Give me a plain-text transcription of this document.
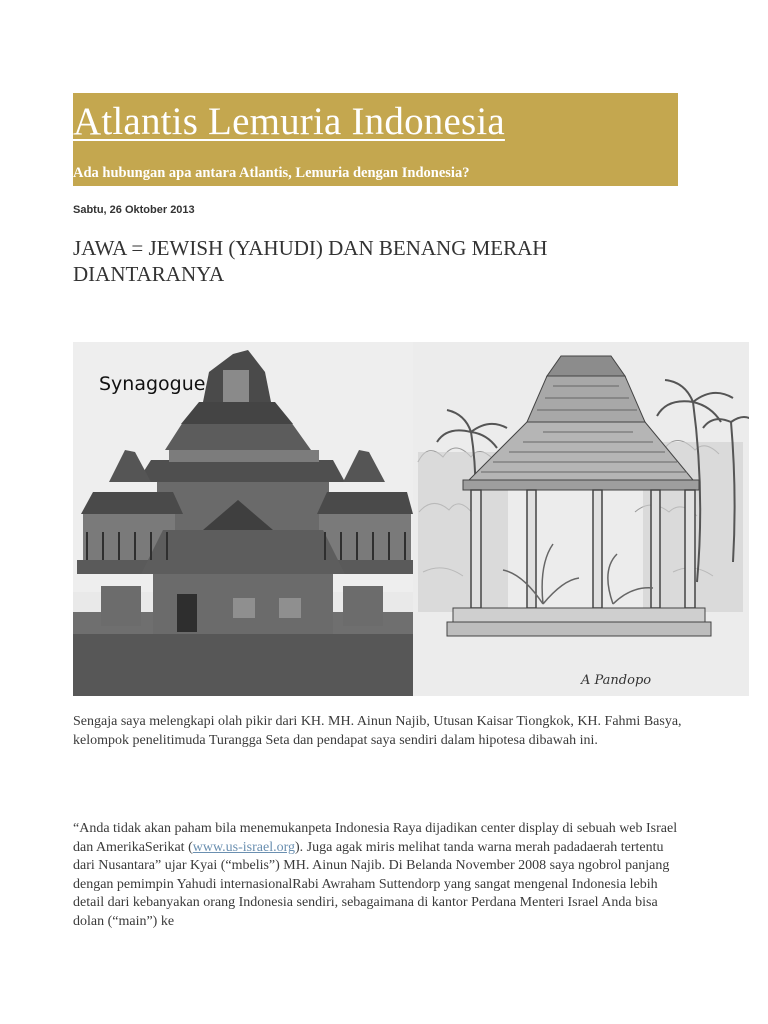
Atlantis Lemuria Indonesia
Ada hubungan apa antara Atlantis, Lemuria dengan Indonesia?
Sabtu, 26 Oktober 2013
JAWA = JEWISH (YAHUDI) DAN BENANG MERAH DIANTARANYA
Synagogue
A Pandopo

Sengaja saya melengkapi olah pikir dari KH. MH. Ainun Najib, Utusan Kaisar Tiongkok, KH. Fahmi Basya, kelompok penelitimuda Turangga Seta dan pendapat saya sendiri dalam hipotesa dibawah ini.

“Anda tidak akan paham bila menemukanpeta Indonesia Raya dijadikan center display di sebuah web Israel dan AmerikaSerikat (www.us-israel.org). Juga agak miris melihat tanda warna merah padadaerah tertentu dari Nusantara” ujar Kyai (“mbelis”) MH. Ainun Najib. Di Belanda November 2008 saya ngobrol panjang dengan pemimpin Yahudi internasionalRabi Awraham Suttendorp yang sangat mengenal Indonesia lebih detail dari kebanyakan orang Indonesia sendiri, sebagaimana di kantor Perdana Menteri Israel Anda bisa dolan (“main”) ke
